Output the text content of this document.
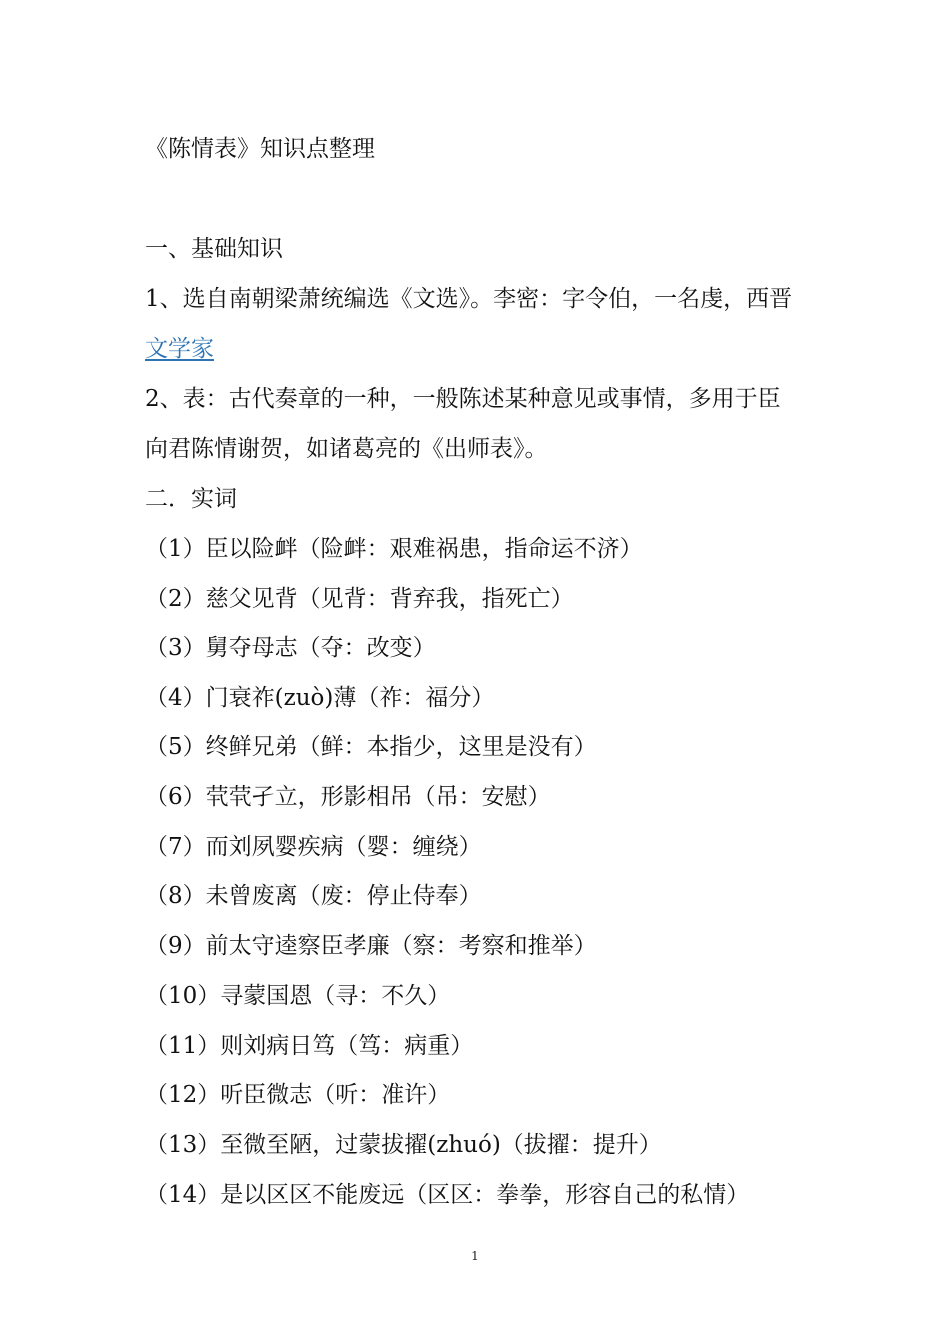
《陈情表》知识点整理
一、基础知识
1、选自南朝梁萧统编选《文选》。李密：字令伯，一名虔，西晋
文学家
2、表：古代奏章的一种，一般陈述某种意见或事情，多用于臣
向君陈情谢贺，如诸葛亮的《出师表》。
二．实词
（1）臣以险衅（险衅：艰难祸患，指命运不济）
（2）慈父见背（见背：背弃我，指死亡）
（3）舅夺母志（夺：改变）
（4）门衰祚(zuò)薄（祚：福分）
（5）终鲜兄弟（鲜：本指少，这里是没有）
（6）茕茕孑立，形影相吊（吊：安慰）
（7）而刘夙婴疾病（婴：缠绕）
（8）未曾废离（废：停止侍奉）
（9）前太守逵察臣孝廉（察：考察和推举）
（10）寻蒙国恩（寻：不久）
（11）则刘病日笃（笃：病重）
（12）听臣微志（听：准许）
（13）至微至陋，过蒙拔擢(zhuó)（拔擢：提升）
（14）是以区区不能废远（区区：拳拳，形容自己的私情）
1
